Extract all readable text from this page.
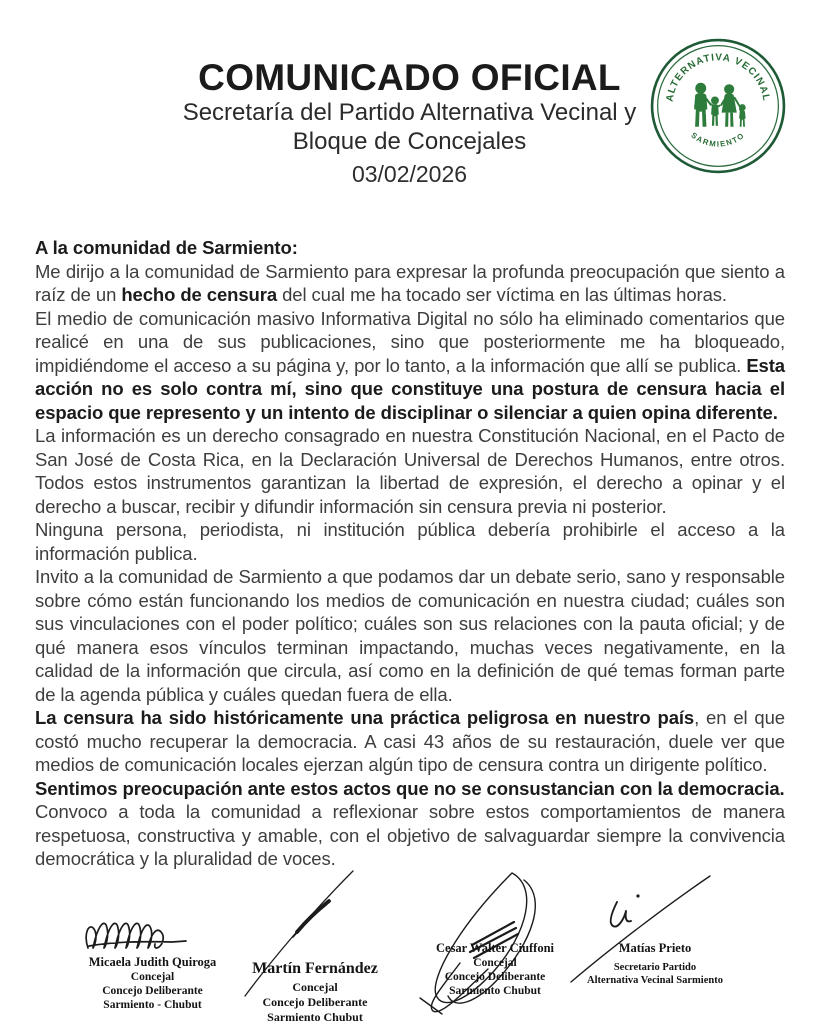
COMUNICADO OFICIAL
Secretaría del Partido Alternativa Vecinal y
Bloque de Concejales
03/02/2026
ALTERNATIVA VECINAL
SARMIENTO

A la comunidad de Sarmiento:

Me dirijo a la comunidad de Sarmiento para expresar la profunda preocupación que siento a raíz de un hecho de censura del cual me ha tocado ser víctima en las últimas horas.

El medio de comunicación masivo Informativa Digital no sólo ha eliminado comentarios que realicé en una de sus publicaciones, sino que posteriormente me ha bloqueado, impidiéndome el acceso a su página y, por lo tanto, a la información que allí se publica. Esta acción no es solo contra mí, sino que constituye una postura de censura hacia el espacio que represento y un intento de disciplinar o silenciar a quien opina diferente.

La información es un derecho consagrado en nuestra Constitución Nacional, en el Pacto de San José de Costa Rica, en la Declaración Universal de Derechos Humanos, entre otros. Todos estos instrumentos garantizan la libertad de expresión, el derecho a opinar y el derecho a buscar, recibir y difundir información sin censura previa ni posterior.

Ninguna persona, periodista, ni institución pública debería prohibirle el acceso a la información publica.

Invito a la comunidad de Sarmiento a que podamos dar un debate serio, sano y responsable sobre cómo están funcionando los medios de comunicación en nuestra ciudad; cuáles son sus vinculaciones con el poder político; cuáles son sus relaciones con la pauta oficial; y de qué manera esos vínculos terminan impactando, muchas veces negativamente, en la calidad de la información que circula, así como en la definición de qué temas forman parte de la agenda pública y cuáles quedan fuera de ella.

La censura ha sido históricamente una práctica peligrosa en nuestro país, en el que costó mucho recuperar la democracia. A casi 43 años de su restauración, duele ver que medios de comunicación locales ejerzan algún tipo de censura contra un dirigente político.

Sentimos preocupación ante estos actos que no se consustancian con la democracia.

Convoco a toda la comunidad a reflexionar sobre estos comportamientos de manera respetuosa, constructiva y amable, con el objetivo de salvaguardar siempre la convivencia democrática y la pluralidad de voces.

Micaela Judith Quiroga
Concejal
Concejo Deliberante
Sarmiento - Chubut
Martín Fernández
Concejal
Concejo Deliberante
Sarmiento Chubut
Cesar Walter Ciuffoni
Concejal
Concejo Deliberante
Sarmiento Chubut
Matías Prieto
Secretario Partido
Alternativa Vecinal Sarmiento
